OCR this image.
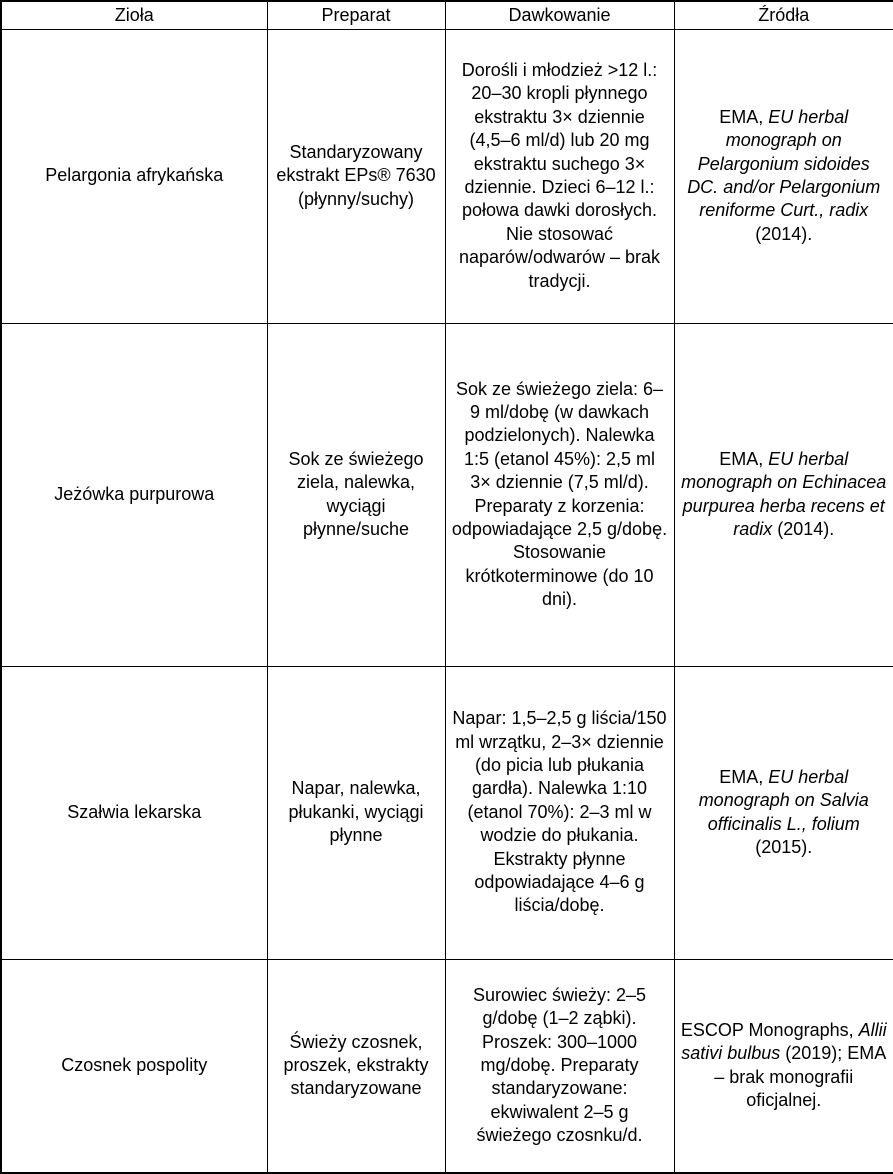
Zioła	Preparat	Dawkowanie	Źródła
Pelargonia afrykańska	Standaryzowany ekstrakt EPs® 7630 (płynny/suchy)	Dorośli i młodzież >12 l.: 20–30 kropli płynnego ekstraktu 3× dziennie (4,5–6 ml/d) lub 20 mg ekstraktu suchego 3× dziennie. Dzieci 6–12 l.: połowa dawki dorosłych. Nie stosować naparów/odwarów – brak tradycji.	EMA, EU herbal monograph on Pelargonium sidoides DC. and/or Pelargonium reniforme Curt., radix (2014).
Jeżówka purpurowa	Sok ze świeżego ziela, nalewka, wyciągi płynne/suche	Sok ze świeżego ziela: 6–9 ml/dobę (w dawkach podzielonych). Nalewka 1:5 (etanol 45%): 2,5 ml 3× dziennie (7,5 ml/d). Preparaty z korzenia: odpowiadające 2,5 g/dobę. Stosowanie krótkoterminowe (do 10 dni).	EMA, EU herbal monograph on Echinacea purpurea herba recens et radix (2014).
Szałwia lekarska	Napar, nalewka, płukanki, wyciągi płynne	Napar: 1,5–2,5 g liścia/150 ml wrzątku, 2–3× dziennie (do picia lub płukania gardła). Nalewka 1:10 (etanol 70%): 2–3 ml w wodzie do płukania. Ekstrakty płynne odpowiadające 4–6 g liścia/dobę.	EMA, EU herbal monograph on Salvia officinalis L., folium (2015).
Czosnek pospolity	Świeży czosnek, proszek, ekstrakty standaryzowane	Surowiec świeży: 2–5 g/dobę (1–2 ząbki). Proszek: 300–1000 mg/dobę. Preparaty standaryzowane: ekwiwalent 2–5 g świeżego czosnku/d.	ESCOP Monographs, Allii sativi bulbus (2019); EMA – brak monografii oficjalnej.
